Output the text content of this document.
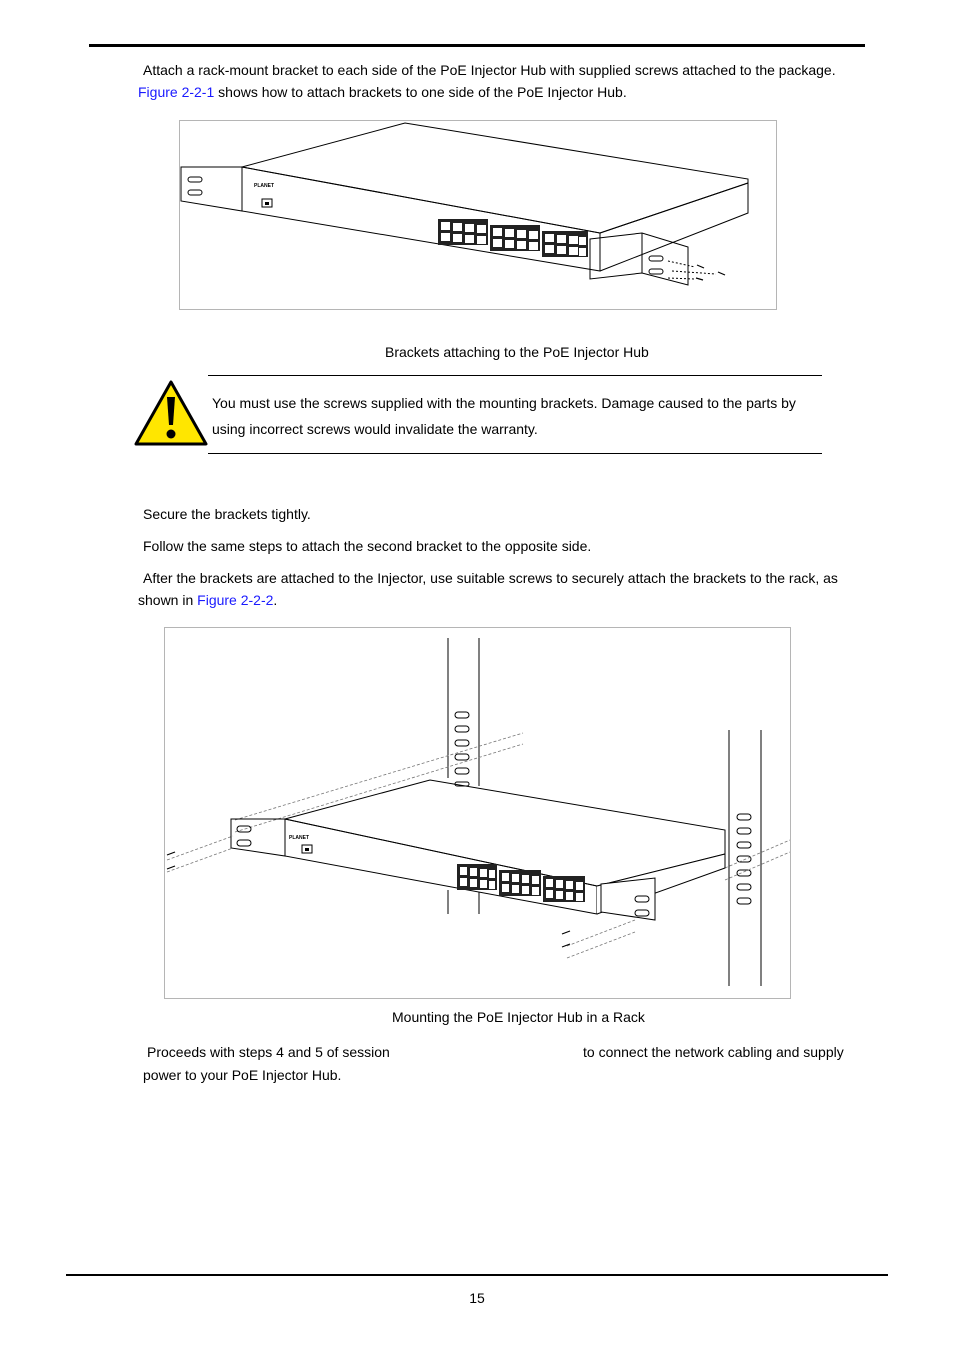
Attach a rack-mount bracket to each side of the PoE Injector Hub with supplied screws attached to the package.
Figure 2-2-1 shows how to attach brackets to one side of the PoE Injector Hub.
PLANET
Brackets attaching to the PoE Injector Hub
You must use the screws supplied with the mounting brackets. Damage caused to the parts by
using incorrect screws would invalidate the warranty.
Secure the brackets tightly.
Follow the same steps to attach the second bracket to the opposite side.
After the brackets are attached to the Injector, use suitable screws to securely attach the brackets to the rack, as
shown in Figure 2-2-2.
PLANET
Mounting the PoE Injector Hub in a Rack
Proceeds with steps 4 and 5 of session	to connect the network cabling and supply
power to your PoE Injector Hub.
15
